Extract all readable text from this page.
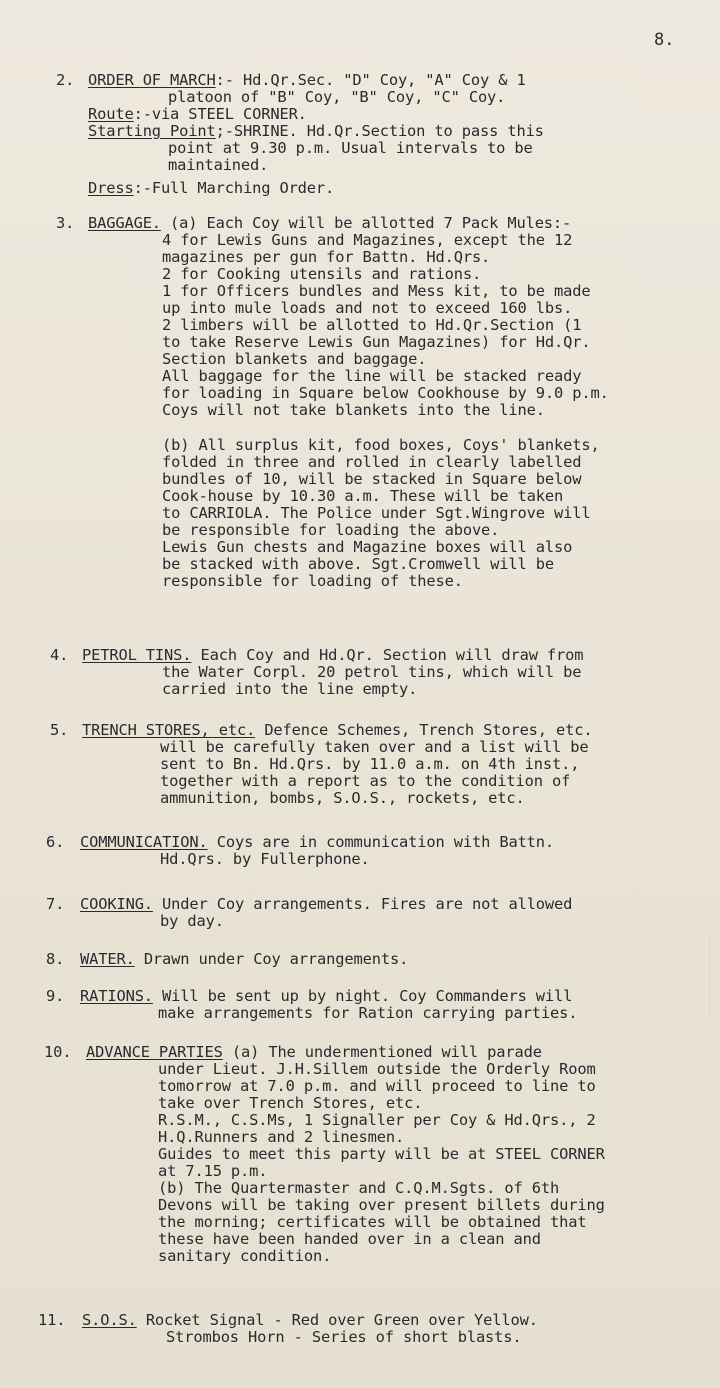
8.
2. ORDER OF MARCH:- Hd.Qr.Sec. "D" Coy, "A" Coy & 1
platoon of "B" Coy, "B" Coy, "C" Coy.
Route:-via STEEL CORNER.
Starting Point;-SHRINE. Hd.Qr.Section to pass this
point at 9.30 p.m. Usual intervals to be
maintained.
Dress:-Full Marching Order.
3. BAGGAGE. (a) Each Coy will be allotted 7 Pack Mules:-
4 for Lewis Guns and Magazines, except the 12
magazines per gun for Battn. Hd.Qrs.
2 for Cooking utensils and rations.
1 for Officers bundles and Mess kit, to be made
up into mule loads and not to exceed 160 lbs.
2 limbers will be allotted to Hd.Qr.Section (1
to take Reserve Lewis Gun Magazines) for Hd.Qr.
Section blankets and baggage.
All baggage for the line will be stacked ready
for loading in Square below Cookhouse by 9.0 p.m.
Coys will not take blankets into the line.
(b) All surplus kit, food boxes, Coys' blankets,
folded in three and rolled in clearly labelled
bundles of 10, will be stacked in Square below
Cook-house by 10.30 a.m. These will be taken
to CARRIOLA. The Police under Sgt.Wingrove will
be responsible for loading the above.
Lewis Gun chests and Magazine boxes will also
be stacked with above. Sgt.Cromwell will be
responsible for loading of these.
4. PETROL TINS. Each Coy and Hd.Qr. Section will draw from
the Water Corpl. 20 petrol tins, which will be
carried into the line empty.
5. TRENCH STORES, etc. Defence Schemes, Trench Stores, etc.
will be carefully taken over and a list will be
sent to Bn. Hd.Qrs. by 11.0 a.m. on 4th inst.,
together with a report as to the condition of
ammunition, bombs, S.O.S., rockets, etc.
6. COMMUNICATION. Coys are in communication with Battn.
Hd.Qrs. by Fullerphone.
7. COOKING. Under Coy arrangements. Fires are not allowed
by day.
8. WATER. Drawn under Coy arrangements.
9. RATIONS. Will be sent up by night. Coy Commanders will
make arrangements for Ration carrying parties.
10. ADVANCE PARTIES (a) The undermentioned will parade
under Lieut. J.H.Sillem outside the Orderly Room
tomorrow at 7.0 p.m. and will proceed to line to
take over Trench Stores, etc.
R.S.M., C.S.Ms, 1 Signaller per Coy & Hd.Qrs., 2
H.Q.Runners and 2 linesmen.
Guides to meet this party will be at STEEL CORNER
at 7.15 p.m.
(b) The Quartermaster and C.Q.M.Sgts. of 6th
Devons will be taking over present billets during
the morning; certificates will be obtained that
these have been handed over in a clean and
sanitary condition.
11. S.O.S. Rocket Signal - Red over Green over Yellow.
Strombos Horn - Series of short blasts.
